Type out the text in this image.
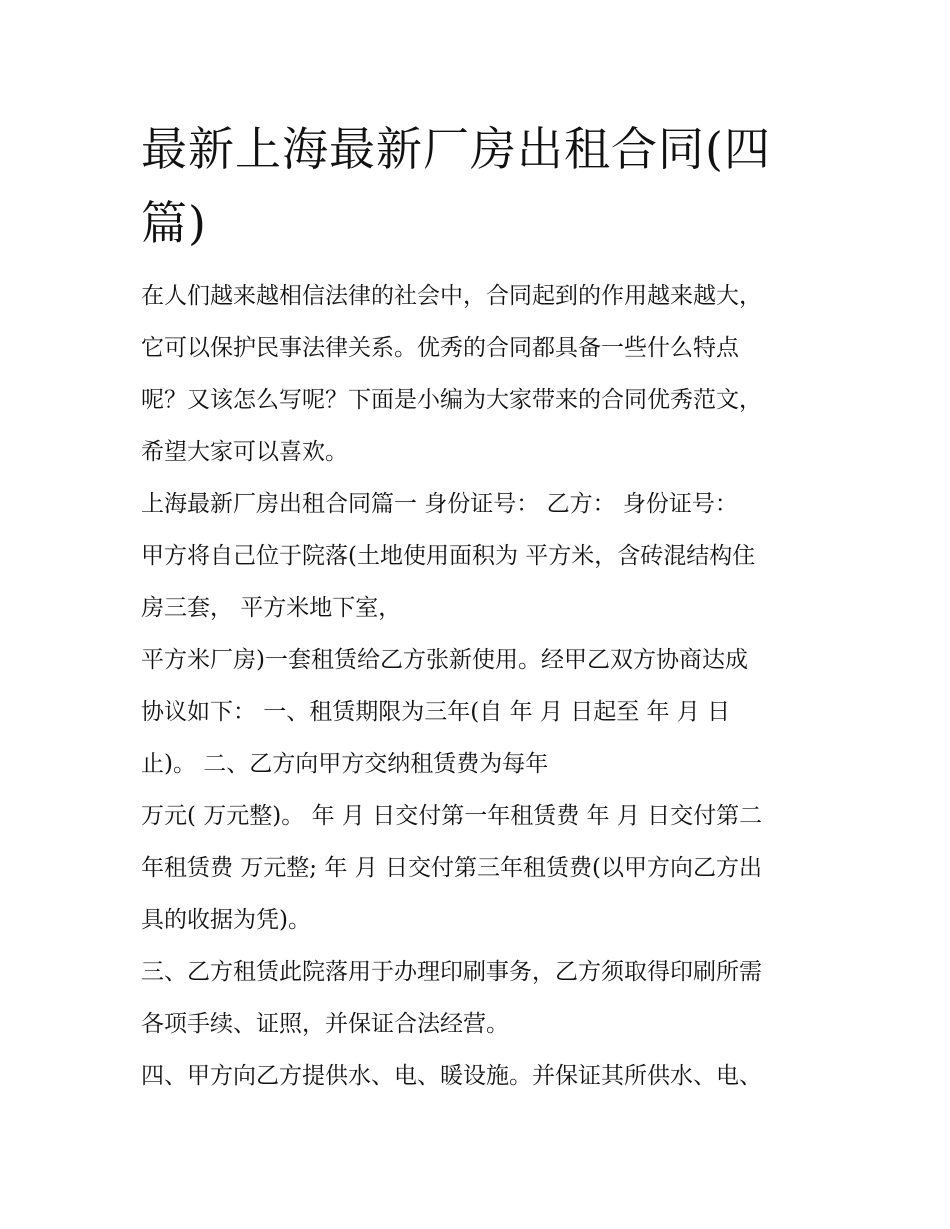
最新上海最新厂房出租合同(四
篇)
在人们越来越相信法律的社会中，合同起到的作用越来越大，
它可以保护民事法律关系。优秀的合同都具备一些什么特点
呢？又该怎么写呢？下面是小编为大家带来的合同优秀范文，
希望大家可以喜欢。
上海最新厂房出租合同篇一 身份证号： 乙方： 身份证号：
甲方将自己位于院落(土地使用面积为 平方米，含砖混结构住
房三套， 平方米地下室，
平方米厂房)一套租赁给乙方张新使用。经甲乙双方协商达成
协议如下： 一、租赁期限为三年(自 年 月 日起至 年 月 日
止)。 二、乙方向甲方交纳租赁费为每年
万元( 万元整)。 年 月 日交付第一年租赁费 年 月 日交付第二
年租赁费 万元整; 年 月 日交付第三年租赁费(以甲方向乙方出
具的收据为凭)。
三、乙方租赁此院落用于办理印刷事务，乙方须取得印刷所需
各项手续、证照，并保证合法经营。
四、甲方向乙方提供水、电、暖设施。并保证其所供水、电、
